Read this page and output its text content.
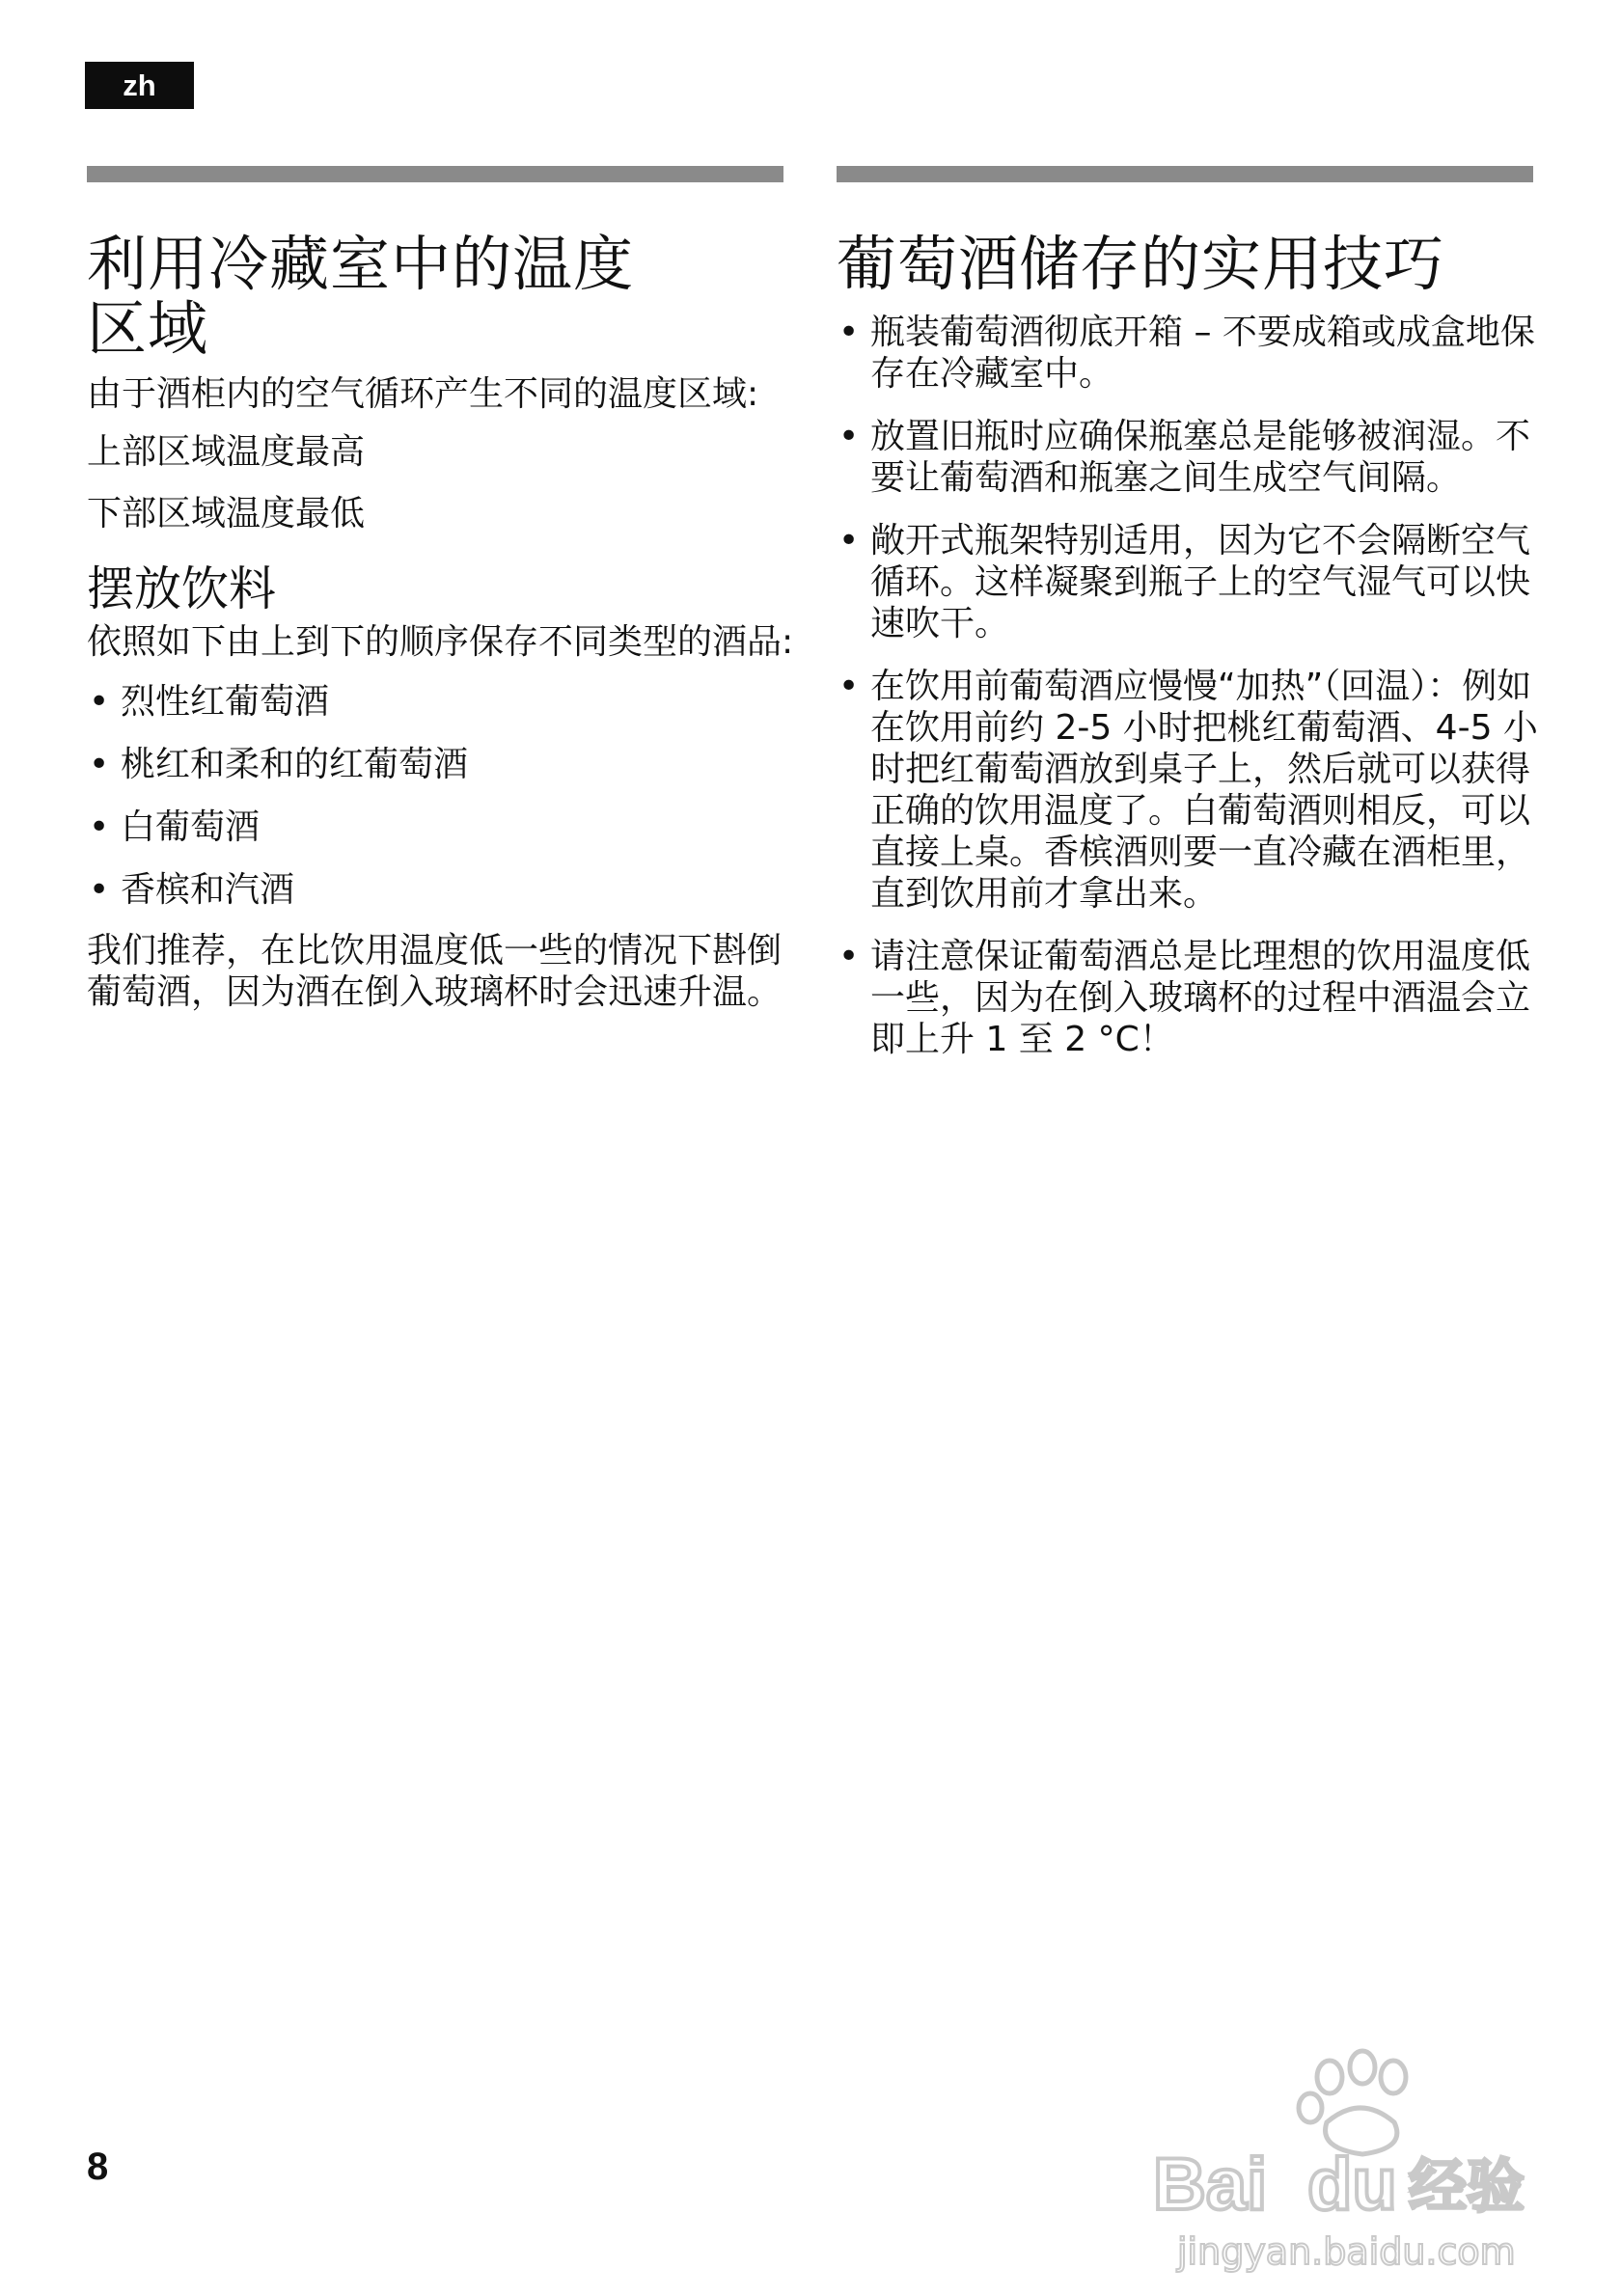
zh
利用冷藏室中的温度
区域

由于酒柜内的空气循环产生不同的温度区域:

上部区域温度最高

下部区域温度最低

摆放饮料

依照如下由上到下的顺序保存不同类型的酒品:

• 烈性红葡萄酒
• 桃红和柔和的红葡萄酒
• 白葡萄酒
• 香槟和汽酒

我们推荐，在比饮用温度低一些的情况下斟倒葡萄酒，因为酒在倒入玻璃杯时会迅速升温。

葡萄酒储存的实用技巧
• 瓶装葡萄酒彻底开箱 – 不要成箱或成盒地保存在冷藏室中。
• 放置旧瓶时应确保瓶塞总是能够被润湿。不要让葡萄酒和瓶塞之间生成空气间隔。
• 敞开式瓶架特别适用，因为它不会隔断空气循环。这样凝聚到瓶子上的空气湿气可以快速吹干。
• 在饮用前葡萄酒应慢慢“加热”（回温）：例如在饮用前约 2-5 小时把桃红葡萄酒、4-5 小时把红葡萄酒放到桌子上，然后就可以获得正确的饮用温度了。白葡萄酒则相反，可以直接上桌。香槟酒则要一直冷藏在酒柜里，直到饮用前才拿出来。
• 请注意保证葡萄酒总是比理想的饮用温度低一些，因为在倒入玻璃杯的过程中酒温会立即上升 1 至 2 °C！
8	Bai du 经验
jingyan.baidu.com
